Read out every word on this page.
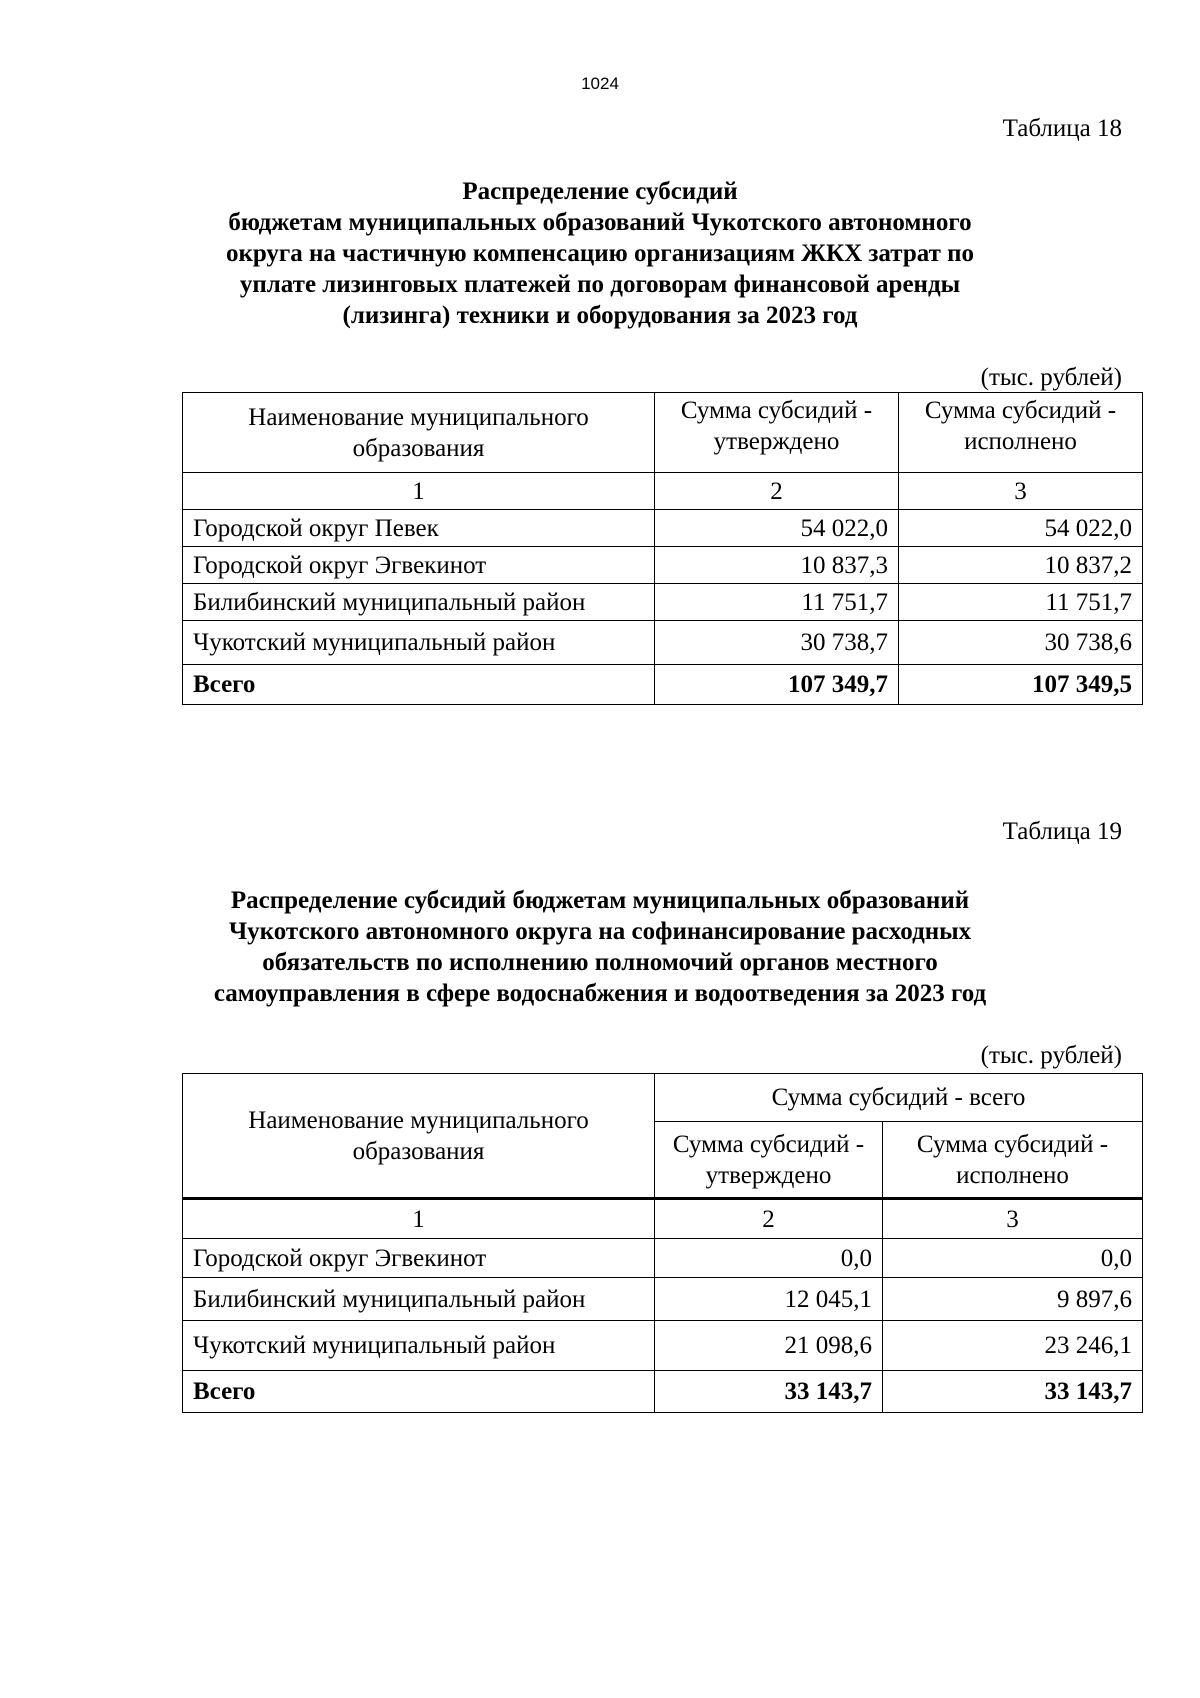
1024
Таблица 18
Распределение субсидий
бюджетам муниципальных образований Чукотского автономного
округа на частичную компенсацию организациям ЖКХ затрат по
уплате лизинговых платежей по договорам финансовой аренды
(лизинга) техники и оборудования за 2023 год
(тыс. рублей)
Наименование муниципального образования	Сумма субсидий - утверждено	Сумма субсидий - исполнено
1	2	3
Городской округ Певек	54 022,0	54 022,0
Городской округ Эгвекинот	10 837,3	10 837,2
Билибинский муниципальный район	11 751,7	11 751,7
Чукотский муниципальный район	30 738,7	30 738,6
Всего	107 349,7	107 349,5
Таблица 19
Распределение субсидий бюджетам муниципальных образований
Чукотского автономного округа на софинансирование расходных
обязательств по исполнению полномочий органов местного
самоуправления в сфере водоснабжения и водоотведения за 2023 год
(тыс. рублей)
Наименование муниципального образования	Сумма субсидий - всего	
	Сумма субсидий - утверждено	Сумма субсидий - исполнено
1	2	3
Городской округ Эгвекинот	0,0	0,0
Билибинский муниципальный район	12 045,1	9 897,6
Чукотский муниципальный район	21 098,6	23 246,1
Всего	33 143,7	33 143,7
